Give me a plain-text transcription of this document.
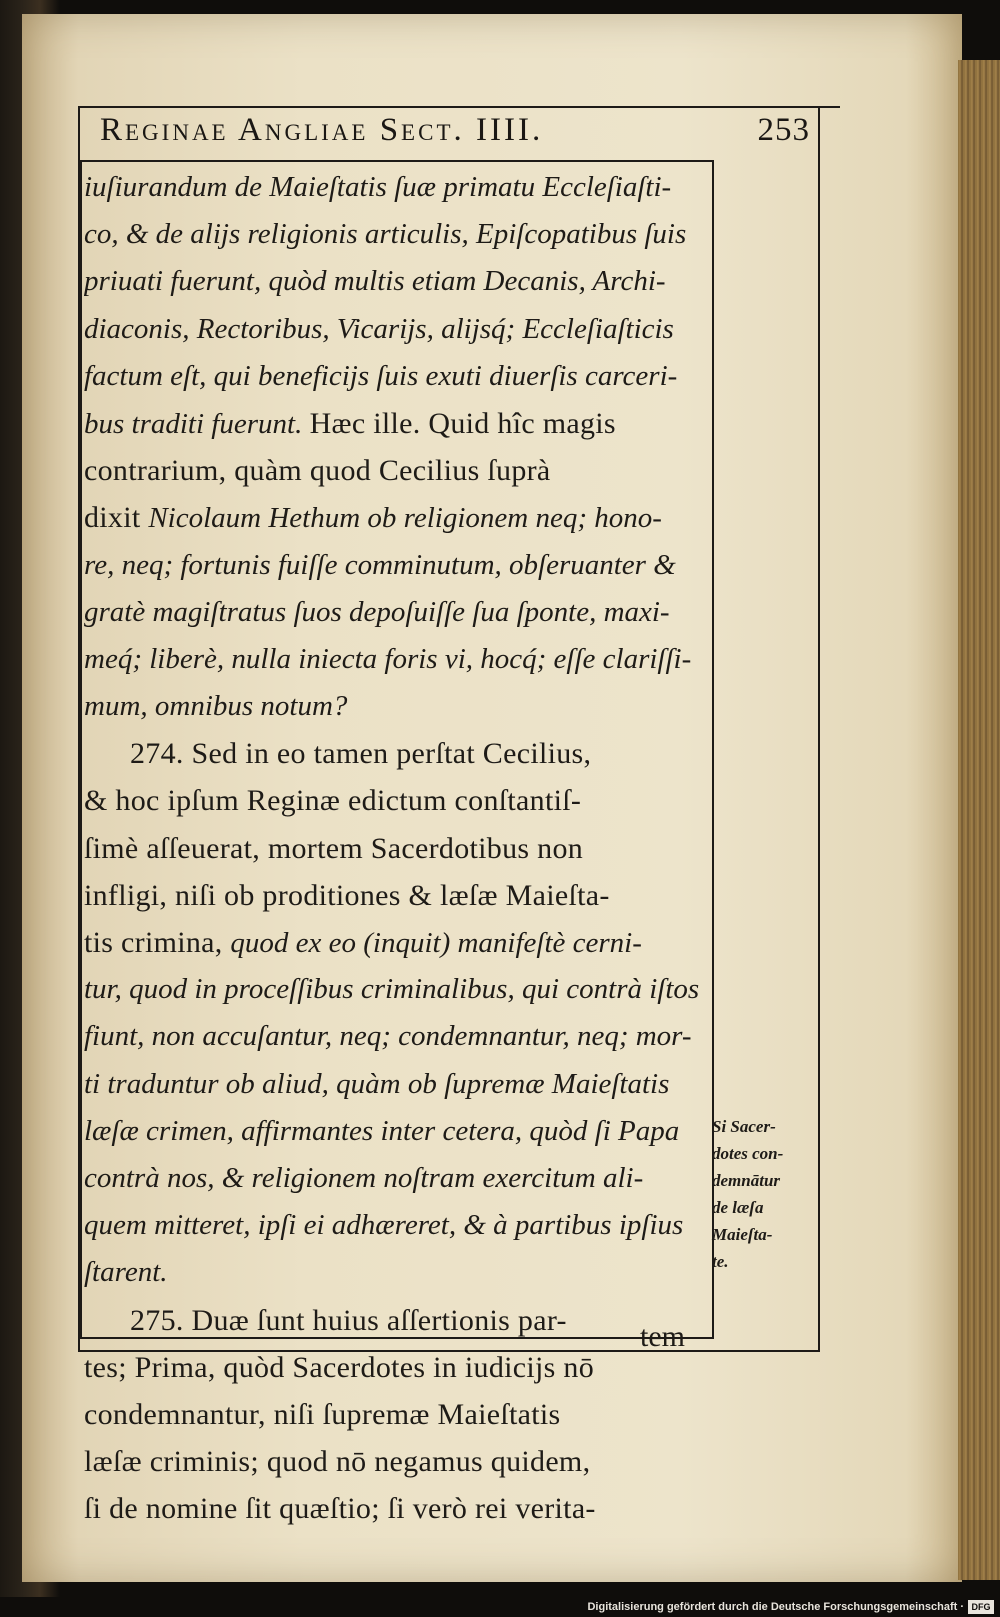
Reginae Angliae Sect. IIII.	253
iuſiurandum de Maieſtatis ſuæ primatu Eccleſiaſti-
co, & de alijs religionis articulis, Epiſcopatibus ſuis
priuati fuerunt, quòd multis etiam Decanis, Archi-
diaconis, Rectoribus, Vicarijs, alijsq́; Eccleſiaſticis
factum eſt, qui beneficijs ſuis exuti diuerſis carceri-
bus traditi fuerunt. Hæc ille. Quid hîc magis
contrarium, quàm quod Cecilius ſuprà
dixit Nicolaum Hethum ob religionem neq; hono-
re, neq; fortunis fuiſſe comminutum, obſeruanter &
gratè magiſtratus ſuos depoſuiſſe ſua ſponte, maxi-
meq́; liberè, nulla iniecta foris vi, hocq́; eſſe clariſſi-
mum, omnibus notum?
274. Sed in eo tamen perſtat Cecilius,
& hoc ipſum Reginæ edictum conſtantiſ-
ſimè aſſeuerat, mortem Sacerdotibus non
infligi, niſi ob proditiones & læſæ Maieſta-
tis crimina, quod ex eo (inquit) manifeſtè cerni-
tur, quod in proceſſibus criminalibus, qui contrà iſtos
fiunt, non accuſantur, neq; condemnantur, neq; mor-
ti traduntur ob aliud, quàm ob ſupremæ Maieſtatis
læſæ crimen, affirmantes inter cetera, quòd ſi Papa
contrà nos, & religionem noſtram exercitum ali-
quem mitteret, ipſi ei adhæreret, & à partibus ipſius
ſtarent.
275. Duæ ſunt huius aſſertionis par-
tes; Prima, quòd Sacerdotes in iudicijs nō
condemnantur, niſi ſupremæ Maieſtatis
læſæ criminis; quod nō negamus quidem,
ſi de nomine ſit quæſtio; ſi verò rei verita-
Si Sacer-
dotes con-
demnātur
de læſa
Maieſta-
te.
tem
Digitalisierung gefördert durch die Deutsche Forschungsgemeinschaft · DFG
